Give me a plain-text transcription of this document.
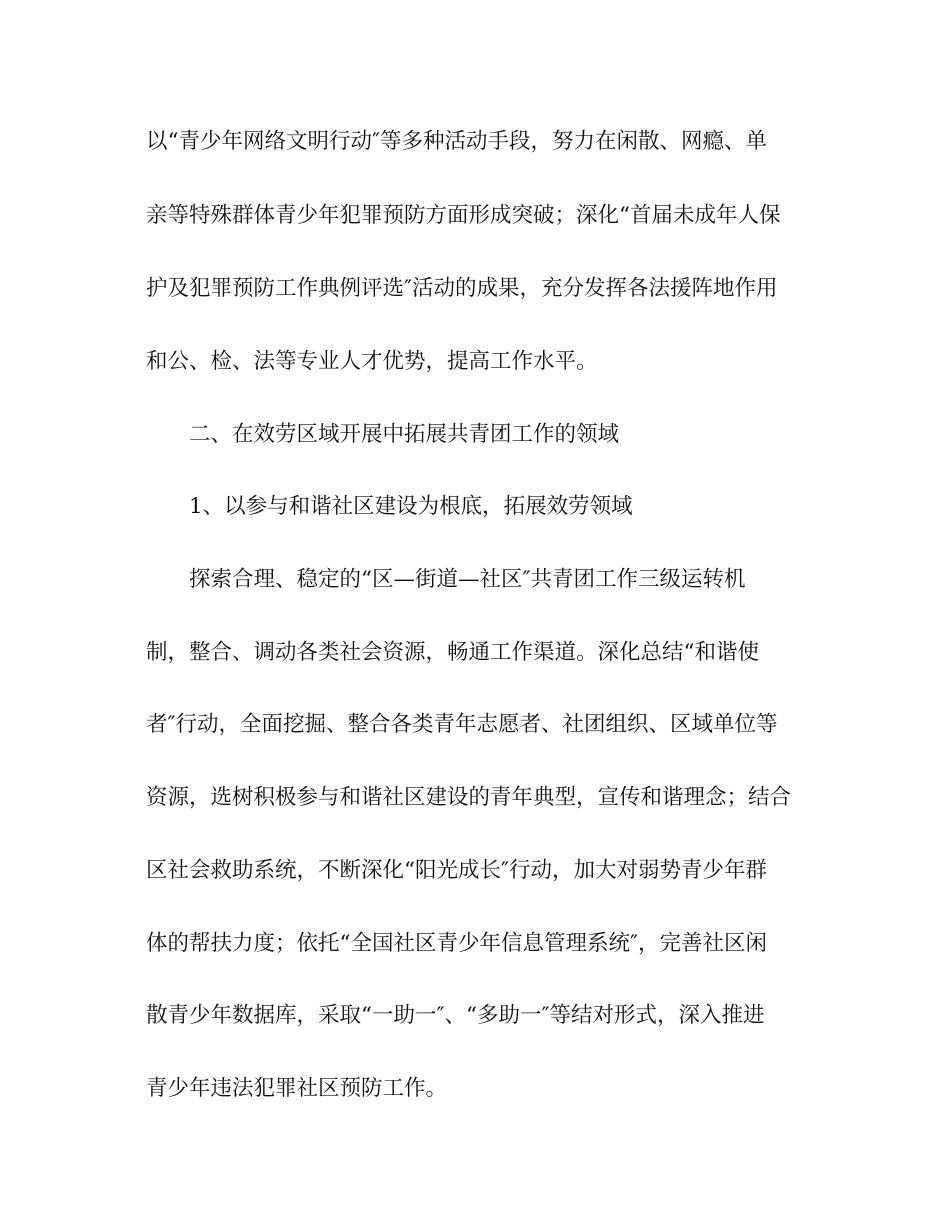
以“青少年网络文明行动″等多种活动手段，努力在闲散、网瘾、单
亲等特殊群体青少年犯罪预防方面形成突破；深化“首届未成年人保
护及犯罪预防工作典例评选″活动的成果，充分发挥各法援阵地作用
和公、检、法等专业人才优势，提高工作水平。
二、在效劳区域开展中拓展共青团工作的领域
1、以参与和谐社区建设为根底，拓展效劳领域
探索合理、稳定的“区—街道—社区″共青团工作三级运转机
制，整合、调动各类社会资源，畅通工作渠道。深化总结“和谐使
者″行动，全面挖掘、整合各类青年志愿者、社团组织、区域单位等
资源，选树积极参与和谐社区建设的青年典型，宣传和谐理念；结合
区社会救助系统，不断深化“阳光成长″行动，加大对弱势青少年群
体的帮扶力度；依托“全国社区青少年信息管理系统″，完善社区闲
散青少年数据库，采取“一助一″、“多助一″等结对形式，深入推进
青少年违法犯罪社区预防工作。
